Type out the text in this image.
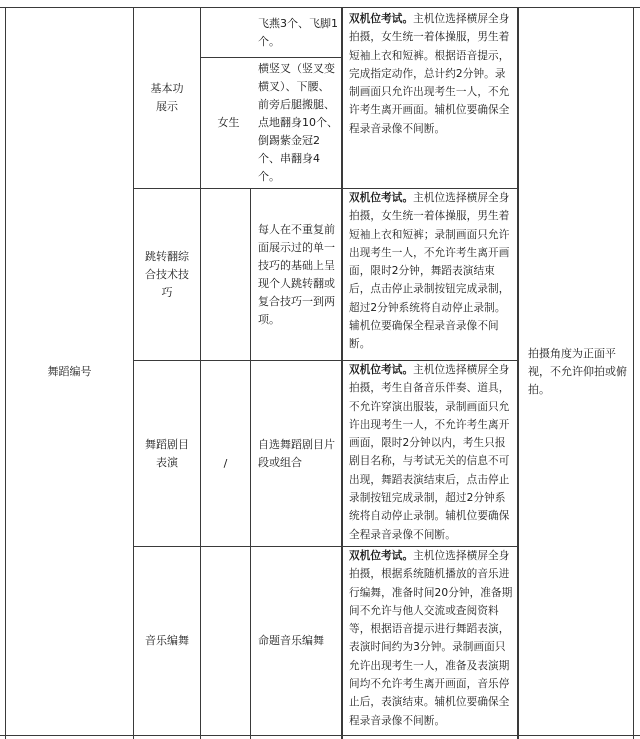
舞蹈编号
基本功展示
跳转翻综
合技术技
巧
舞蹈剧目
表演
音乐编舞
女生
/
飞燕3个、飞脚1
个。
横竖叉（竖叉变
横叉）、下腰、
前旁后腿搬腿、
点地翻身10个、
倒踢紫金冠2
个、串翻身4
个。
每人在不重复前
面展示过的单一
技巧的基础上呈
现个人跳转翻或
复合技巧一到两
项。
自选舞蹈剧目片
段或组合
命题音乐编舞
双机位考试。主机位选择横屏全身拍摄，女生统一着体操服，男生着短袖上衣和短裤。根据语音提示，完成指定动作，总计约2分钟。录制画面只允许出现考生一人，不允许考生离开画面。辅机位要确保全程录音录像不间断。
双机位考试。主机位选择横屏全身拍摄，女生统一着体操服，男生着短袖上衣和短裤；录制画面只允许出现考生一人，不允许考生离开画面，限时2分钟，舞蹈表演结束后，点击停止录制按钮完成录制，超过2分钟系统将自动停止录制。辅机位要确保全程录音录像不间断。
双机位考试。主机位选择横屏全身拍摄，考生自备音乐伴奏、道具，不允许穿演出服装，录制画面只允许出现考生一人，不允许考生离开画面，限时2分钟以内，考生只报剧目名称，与考试无关的信息不可出现，舞蹈表演结束后，点击停止录制按钮完成录制，超过2分钟系统将自动停止录制。辅机位要确保全程录音录像不间断。
双机位考试。主机位选择横屏全身拍摄，根据系统随机播放的音乐进行编舞，准备时间20分钟，准备期间不允许与他人交流或查阅资料等，根据语音提示进行舞蹈表演，表演时间约为3分钟。录制画面只允许出现考生一人，准备及表演期间均不允许考生离开画面，音乐停止后，表演结束。辅机位要确保全程录音录像不间断。
拍摄角度为正面平视，不允许仰拍或俯拍。
